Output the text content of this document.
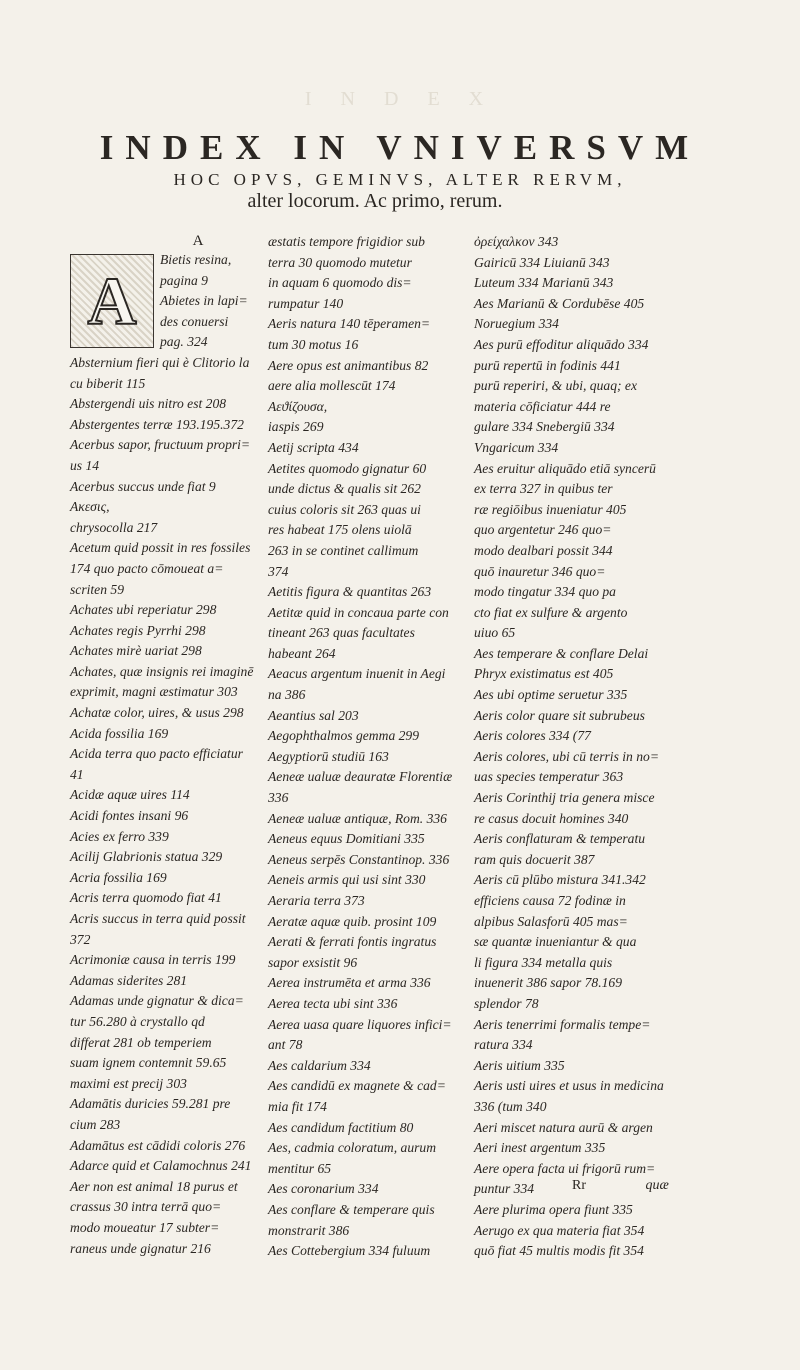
I N D E X
INDEX IN VNIVERSVM
HOC OPVS, GEMINVS, ALTER RERVM,
alter locorum. Ac primo, rerum.

A

A

Bietis resina,

pagina 9

Abietes in lapi=

des conuersi

pag. 324

Absternium fieri qui è Clitorio la

cu biberit 115

Abstergendi uis nitro est 208

Abstergentes terræ 193.195.372

Acerbus sapor, fructuum propri=

us 14

Acerbus succus unde fiat 9

Ακεσις,

chrysocolla 217

Acetum quid possit in res fossiles

174 quo pacto cōmoueat a=

scriten 59

Achates ubi reperiatur 298

Achates regis Pyrrhi 298

Achates mirè uariat 298

Achates, quæ insignis rei imaginē

exprimit, magni æstimatur 303

Achatæ color, uires, & usus 298

Acida fossilia 169

Acida terra quo pacto efficiatur

41

Acidæ aquæ uires 114

Acidi fontes insani 96

Acies ex ferro 339

Acilij Glabrionis statua 329

Acria fossilia 169

Acris terra quomodo fiat 41

Acris succus in terra quid possit

372

Acrimoniæ causa in terris 199

Adamas siderites 281

Adamas unde gignatur & dica=

tur 56.280 à crystallo qd

differat 281 ob temperiem

suam ignem contemnit 59.65

maximi est precij 303

Adamātis duricies 59.281 pre

cium 283

Adamātus est cādidi coloris 276

Adarce quid et Calamochnus 241

Aer non est animal 18 purus et

crassus 30 intra terrā quo=

modo moueatur 17 subter=

raneus unde gignatur 216

æstatis tempore frigidior sub

terra 30 quomodo mutetur

in aquam 6 quomodo dis=

rumpatur 140

Aeris natura 140 tēperamen=

tum 30 motus 16

Aere opus est animantibus 82

aere alia mollescūt 174

Αεϑίζουσα,

iaspis 269

Aetij scripta 434

Aetites quomodo gignatur 60

unde dictus & qualis sit 262

cuius coloris sit 263 quas ui

res habeat 175 olens uiolā

263 in se continet callimum

374

Aetitis figura & quantitas 263

Aetitæ quid in concaua parte con

tineant 263 quas facultates

habeant 264

Aeacus argentum inuenit in Aegi

na 386

Aeantius sal 203

Aegophthalmos gemma 299

Aegyptiorū studiū 163

Aeneæ ualuæ deauratæ Florentiæ

336

Aeneæ ualuæ antiquæ, Rom. 336

Aeneus equus Domitiani 335

Aeneus serpēs Constantinop. 336

Aeneis armis qui usi sint 330

Aeraria terra 373

Aeratæ aquæ quib. prosint 109

Aerati & ferrati fontis ingratus

sapor exsistit 96

Aerea instrumēta et arma 336

Aerea tecta ubi sint 336

Aerea uasa quare liquores infici=

ant 78

Aes caldarium 334

Aes candidū ex magnete & cad=

mia fit 174

Aes candidum factitium 80

Aes, cadmia coloratum, aurum

mentitur 65

Aes coronarium 334

Aes conflare & temperare quis

monstrarit 386

Aes Cottebergium 334 fuluum

ὀρείχαλκον 343

Gairicū 334 Liuianū 343

Luteum 334 Marianū 343

Aes Marianū & Cordubēse 405

Noruegium 334

Aes purū effoditur aliquādo 334

purū repertū in fodinis 441

purū reperiri, & ubi, quaq; ex

materia cōficiatur 444 re

gulare 334 Snebergiū 334

Vngaricum 334

Aes eruitur aliquādo etiā syncerū

ex terra 327 in quibus ter

ræ regiōibus inueniatur 405

quo argentetur 246 quo=

modo dealbari possit 344

quō inauretur 346 quo=

modo tingatur 334 quo pa

cto fiat ex sulfure & argento

uiuo 65

Aes temperare & conflare Delai

Phryx existimatus est 405

Aes ubi optime seruetur 335

Aeris color quare sit subrubeus

Aeris colores 334 (77

Aeris colores, ubi cū terris in no=

uas species temperatur 363

Aeris Corinthij tria genera misce

re casus docuit homines 340

Aeris conflaturam & temperatu

ram quis docuerit 387

Aeris cū plūbo mistura 341.342

efficiens causa 72 fodinæ in

alpibus Salasforū 405 mas=

sæ quantæ inueniantur & qua

li figura 334 metalla quis

inuenerit 386 sapor 78.169

splendor 78

Aeris tenerrimi formalis tempe=

ratura 334

Aeris uitium 335

Aeris usti uires et usus in medicina

336 (tum 340

Aeri miscet natura aurū & argen

Aeri inest argentum 335

Aere opera facta ui frigorū rum=

puntur 334

Aere plurima opera fiunt 335

Aerugo ex qua materia fiat 354

quō fiat 45 multis modis fit 354

Rr	quæ
